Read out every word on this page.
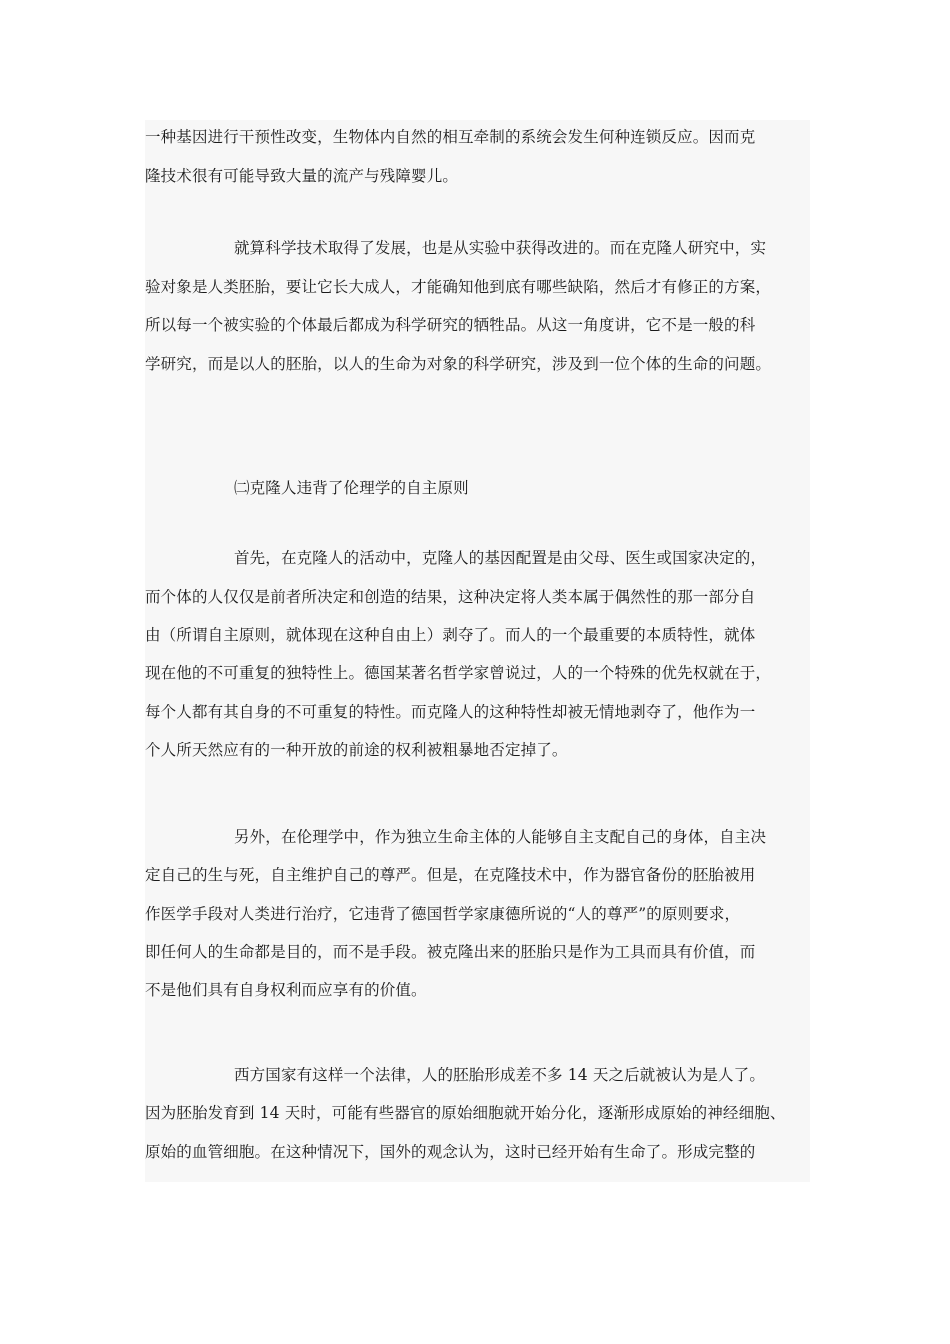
一种基因进行干预性改变，生物体内自然的相互牵制的系统会发生何种连锁反应。因而克
隆技术很有可能导致大量的流产与残障婴儿。
就算科学技术取得了发展，也是从实验中获得改进的。而在克隆人研究中，实
验对象是人类胚胎，要让它长大成人，才能确知他到底有哪些缺陷，然后才有修正的方案，
所以每一个被实验的个体最后都成为科学研究的牺牲品。从这一角度讲，它不是一般的科
学研究，而是以人的胚胎，以人的生命为对象的科学研究，涉及到一位个体的生命的问题。
㈡克隆人违背了伦理学的自主原则
首先，在克隆人的活动中，克隆人的基因配置是由父母、医生或国家决定的，
而个体的人仅仅是前者所决定和创造的结果，这种决定将人类本属于偶然性的那一部分自
由（所谓自主原则，就体现在这种自由上）剥夺了。而人的一个最重要的本质特性，就体
现在他的不可重复的独特性上。德国某著名哲学家曾说过，人的一个特殊的优先权就在于，
每个人都有其自身的不可重复的特性。而克隆人的这种特性却被无情地剥夺了，他作为一
个人所天然应有的一种开放的前途的权利被粗暴地否定掉了。
另外，在伦理学中，作为独立生命主体的人能够自主支配自己的身体，自主决
定自己的生与死，自主维护自己的尊严。但是，在克隆技术中，作为器官备份的胚胎被用
作医学手段对人类进行治疗，它违背了德国哲学家康德所说的“人的尊严”的原则要求，
即任何人的生命都是目的，而不是手段。被克隆出来的胚胎只是作为工具而具有价值，而
不是他们具有自身权利而应享有的价值。
西方国家有这样一个法律，人的胚胎形成差不多 14 天之后就被认为是人了。
因为胚胎发育到 14 天时，可能有些器官的原始细胞就开始分化，逐渐形成原始的神经细胞、
原始的血管细胞。在这种情况下，国外的观念认为，这时已经开始有生命了。形成完整的
